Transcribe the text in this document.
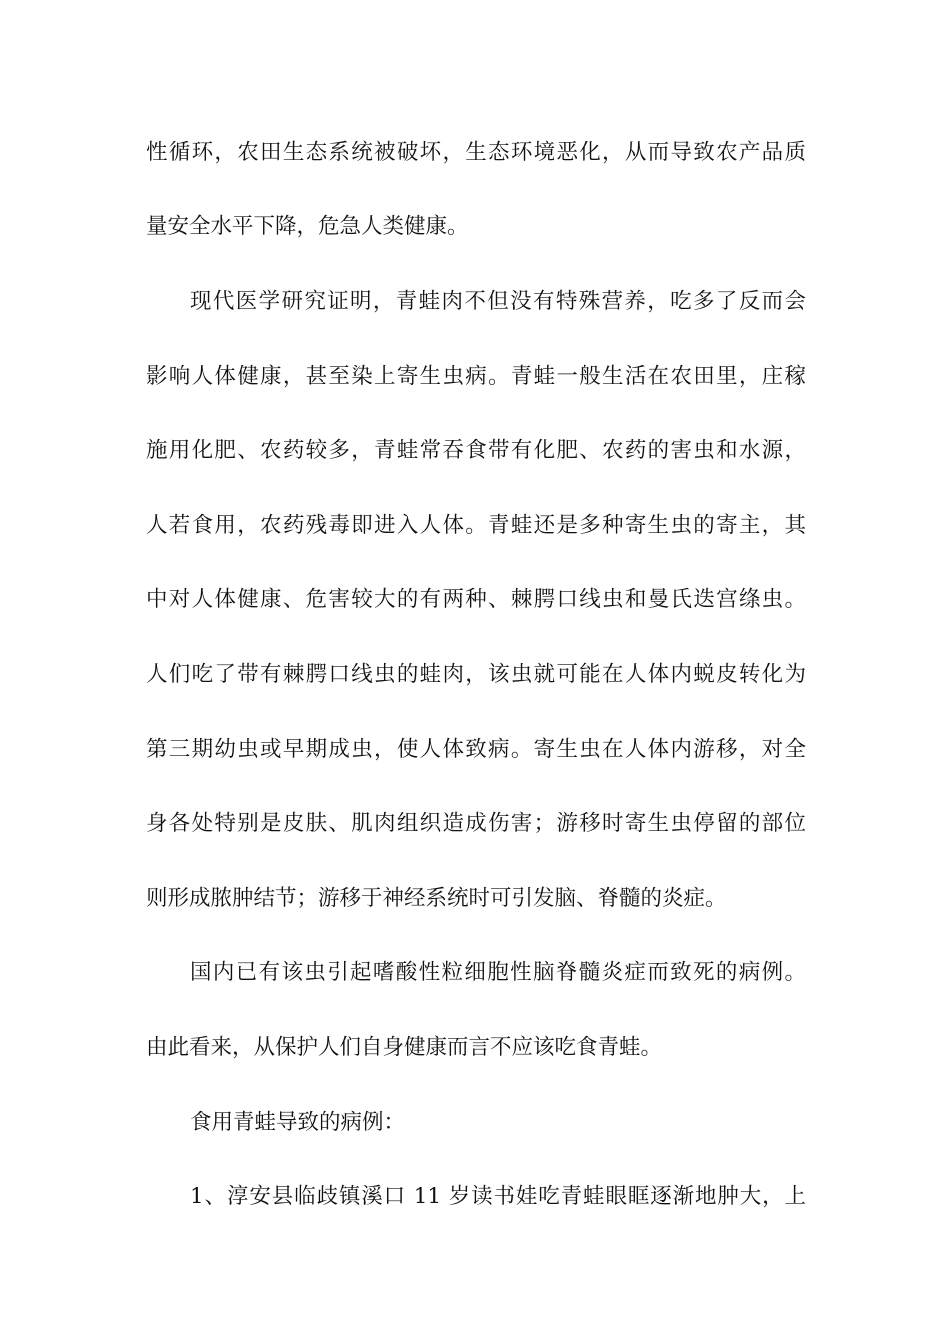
性循环，农田生态系统被破坏，生态环境恶化，从而导致农产品质
量安全水平下降，危急人类健康。
现代医学研究证明，青蛙肉不但没有特殊营养，吃多了反而会
影响人体健康，甚至染上寄生虫病。青蛙一般生活在农田里，庄稼
施用化肥、农药较多，青蛙常吞食带有化肥、农药的害虫和水源，
人若食用，农药残毒即进入人体。青蛙还是多种寄生虫的寄主，其
中对人体健康、危害较大的有两种、棘腭口线虫和曼氏迭宫绦虫。
人们吃了带有棘腭口线虫的蛙肉，该虫就可能在人体内蜕皮转化为
第三期幼虫或早期成虫，使人体致病。寄生虫在人体内游移，对全
身各处特别是皮肤、肌肉组织造成伤害；游移时寄生虫停留的部位
则形成脓肿结节；游移于神经系统时可引发脑、脊髓的炎症。
国内已有该虫引起嗜酸性粒细胞性脑脊髓炎症而致死的病例。
由此看来，从保护人们自身健康而言不应该吃食青蛙。
食用青蛙导致的病例：
1、淳安县临歧镇溪口 11 岁读书娃吃青蛙眼眶逐渐地肿大，上
